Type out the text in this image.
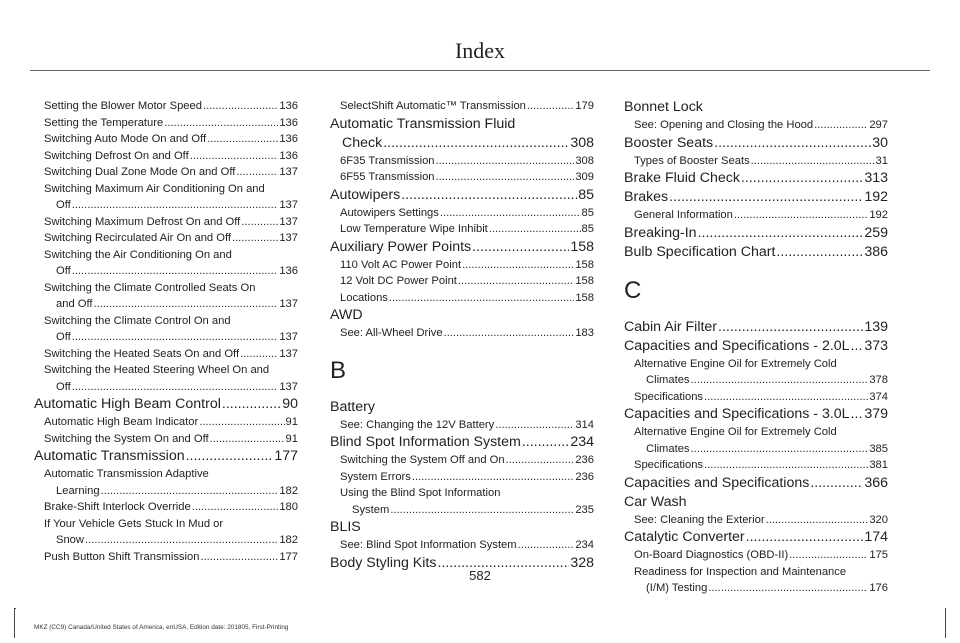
Index
Setting the Blower Motor Speed .....	136
Setting the Temperature .....	136
Switching Auto Mode On and Off .....	136
Switching Defrost On and Off .....	136
Switching Dual Zone Mode On and Off .....	137
Switching Maximum Air Conditioning On and
Off .....	137
Switching Maximum Defrost On and Off .....	137
Switching Recirculated Air On and Off .....	137
Switching the Air Conditioning On and
Off .....	136
Switching the Climate Controlled Seats On
and Off .....	137
Switching the Climate Control On and
Off .....	137
Switching the Heated Seats On and Off .....	137
Switching the Heated Steering Wheel On and
Off .....	137
Automatic High Beam Control .....	90
Automatic High Beam Indicator .....	91
Switching the System On and Off .....	91
Automatic Transmission .....	177
Automatic Transmission Adaptive
Learning .....	182
Brake-Shift Interlock Override .....	180
If Your Vehicle Gets Stuck In Mud or
Snow .....	182
Push Button Shift Transmission .....	177
SelectShift Automatic™ Transmission .....	179
Automatic Transmission Fluid
Check .....	308
6F35 Transmission .....	308
6F55 Transmission .....	309
Autowipers .....	85
Autowipers Settings .....	85
Low Temperature Wipe Inhibit .....	85
Auxiliary Power Points .....	158
110 Volt AC Power Point .....	158
12 Volt DC Power Point .....	158
Locations .....	158
AWD
See: All-Wheel Drive .....	183
B
Battery
See: Changing the 12V Battery .....	314
Blind Spot Information System .....	234
Switching the System Off and On .....	236
System Errors .....	236
Using the Blind Spot Information
System .....	235
BLIS
See: Blind Spot Information System .....	234
Body Styling Kits .....	328
Bonnet Lock
See: Opening and Closing the Hood .....	297
Booster Seats .....	30
Types of Booster Seats .....	31
Brake Fluid Check .....	313
Brakes .....	192
General Information .....	192
Breaking-In .....	259
Bulb Specification Chart .....	386
C
Cabin Air Filter .....	139
Capacities and Specifications - 2.0L ..... 373
Alternative Engine Oil for Extremely Cold
Climates .....	378
Specifications .....	374
Capacities and Specifications - 3.0L ..... 379
Alternative Engine Oil for Extremely Cold
Climates .....	385
Specifications .....	381
Capacities and Specifications .....	366
Car Wash
See: Cleaning the Exterior .....	320
Catalytic Converter .....	174
On-Board Diagnostics (OBD-II) .....	175
Readiness for Inspection and Maintenance
(I/M) Testing .....	176
582
MKZ (CC9) Canada/United States of America, enUSA, Edition date: 201805, First-Printing
